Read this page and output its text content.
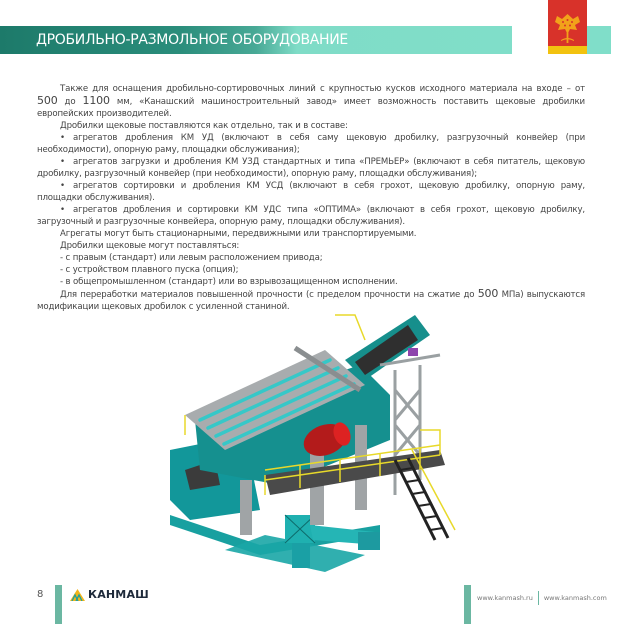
ДРОБИЛЬНО-РАЗМОЛЬНОЕ ОБОРУДОВАНИЕ

Также для оснащения дробильно-сортировочных линий с крупностью кусков исходного материала на входе – от 500 до 1100 мм, «Канашский машиностроительный завод» имеет возможность поставить щековые дробилки европейских производителей.

Дробилки щековые поставляются как отдельно, так и в составе:

• агрегатов дробления КМ УД (включают в себя саму щековую дробилку, разгрузочный конвейер (при необходимости), опорную раму, площадки обслуживания);

• агрегатов загрузки и дробления КМ УЗД стандартных и типа «ПРЕМЬЕР» (включают в себя питатель, щековую дробилку, разгрузочный конвейер (при необходимости), опорную раму, площадки обслуживания);

• агрегатов сортировки и дробления КМ УСД (включают в себя грохот, щековую дробилку, опорную раму, площадки обслуживания).

• агрегатов дробления и сортировки КМ УДС типа «ОПТИМА» (включают в себя грохот, щековую дробилку, загрузочный и разгрузочные конвейера, опорную раму, площадки обслуживания).

Агрегаты могут быть стационарными, передвижными или транспортируемыми.

Дробилки щековые могут поставляться:

- с правым (стандарт) или левым расположением привода;

- с устройством плавного пуска (опция);

- в общепромышленном (стандарт) или во взрывозащищенном исполнении.

Для переработки материалов повышенной прочности (с пределом прочности на сжатие до 500 МПа) выпускаются модификации щековых дробилок с усиленной станиной.

8	КАНМАШ	www.kanmash.ru www.kanmash.com
